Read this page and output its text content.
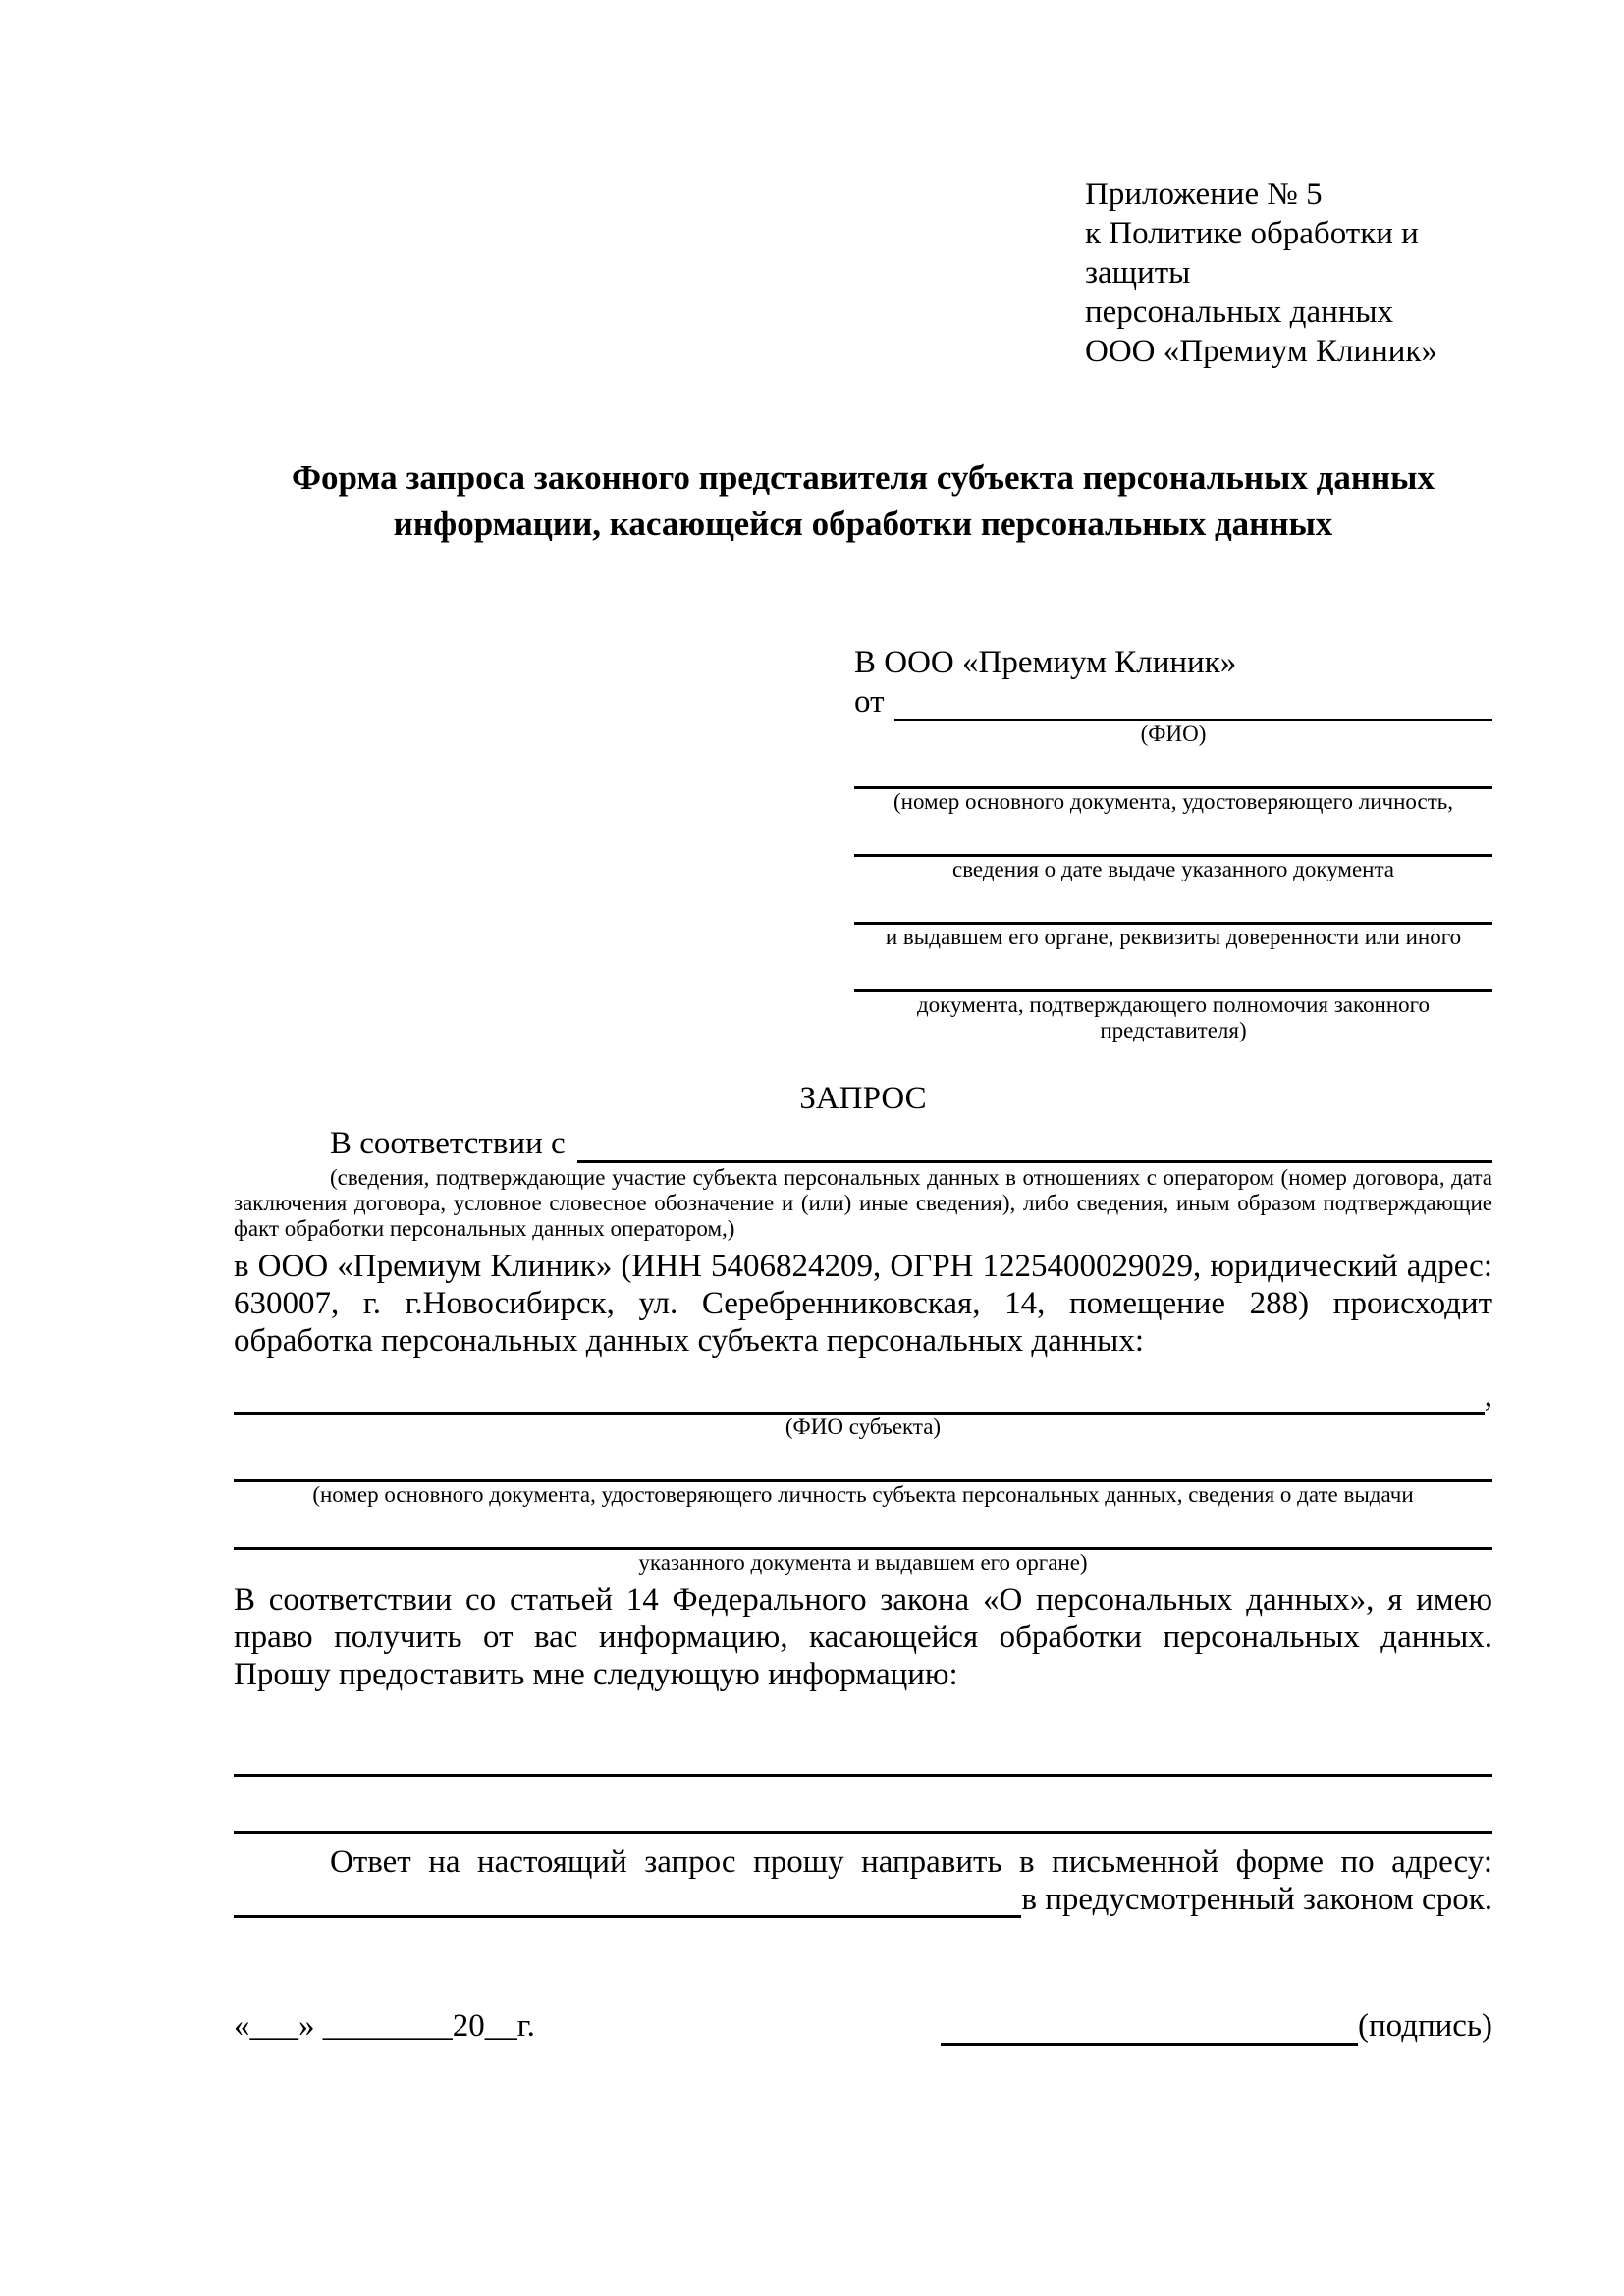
Приложение № 5
к Политике обработки и защиты
персональных данных
ООО «Премиум Клиник»
Форма запроса законного представителя субъекта персональных данных
информации, касающейся обработки персональных данных
В ООО «Премиум Клиник»
от
(ФИО)
(номер основного документа, удостоверяющего личность,
сведения о дате выдаче указанного документа
и выдавшем его органе, реквизиты доверенности или иного
документа, подтверждающего полномочия законного представителя)
ЗАПРОС
В соответствии с
(сведения, подтверждающие участие субъекта персональных данных в отношениях с оператором (номер договора, дата заключения договора, условное словесное обозначение и (или) иные сведения), либо сведения, иным образом подтверждающие факт обработки персональных данных оператором,)

в ООО «Премиум Клиник» (ИНН 5406824209, ОГРН 1225400029029, юридический адрес: 630007, г. г.Новосибирск, ул. Серебренниковская, 14, помещение 288) происходит обработка персональных данных субъекта персональных данных:

,
(ФИО субъекта)
(номер основного документа, удостоверяющего личность субъекта персональных данных, сведения о дате выдачи
указанного документа и выдавшем его органе)

В соответствии со статьей 14 Федерального закона «О персональных данных», я имею право получить от вас информацию, касающейся обработки персональных данных. Прошу предоставить мне следующую информацию:

Ответ на настоящий запрос прошу направить в письменной форме по адресу:
в предусмотренный законом срок.
«___» ________20__г.	(подпись)
